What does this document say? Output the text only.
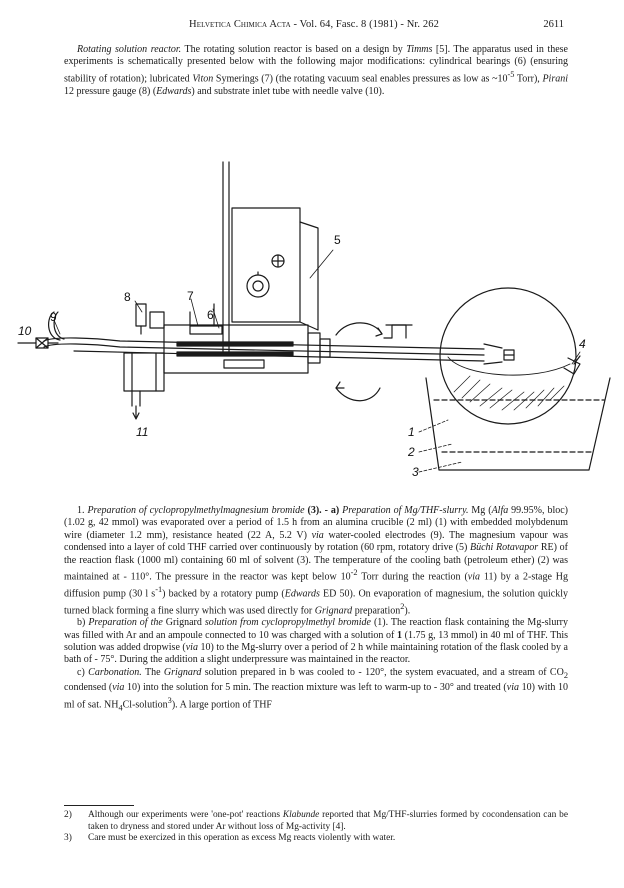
Helvetica Chimica Acta - Vol. 64, Fasc. 8 (1981) - Nr. 262	2611
Rotating solution reactor. The rotating solution reactor is based on a design by Timms [5]. The apparatus used in these experiments is schematically presented below with the following major modifications: cylindrical bearings (6) (ensuring stability of rotation); lubricated Viton Symerings (7) (the rotating vacuum seal enables pressures as low as $\sim 10^{-5}$ Torr), Pirani 12 pressure gauge (8) (Edwards) and substrate inlet tube with needle valve (10).
5
8	7
6
9
10
11	1
2
3
4

1. Preparation of cyclopropylmethylmagnesium bromide (3). - a) Preparation of Mg/THF-slurry. Mg (Alfa 99.95%, bloc) (1.02 g, 42 mmol) was evaporated over a period of 1.5 h from an alumina crucible (2 ml) (1) with embedded molybdenum wire (diameter 1.2 mm), resistance heated (22 A, 5.2 V) via water-cooled electrodes (9). The magnesium vapour was condensed into a layer of cold THF carried over continuously by rotation (60 rpm, rotatory drive (5) Büchi Rotavapor RE) of the reaction flask (1000 ml) containing 60 ml of solvent (3). The temperature of the cooling bath (petroleum ether) (2) was maintained at - 110°. The pressure in the reactor was kept below $10^{-2}$ Torr during the reaction (via 11) by a 2-stage Hg diffusion pump (30 l $s^{-1}$) backed by a rotatory pump (Edwards ED 50). On evaporation of magnesium, the solution quickly turned black forming a fine slurry which was used directly for Grignard preparation$^2$).

b) Preparation of the Grignard solution from cyclopropylmethyl bromide (1). The reaction flask containing the Mg-slurry was filled with Ar and an ampoule connected to 10 was charged with a solution of 1 (1.75 g, 13 mmol) in 40 ml of THF. This solution was added dropwise (via 10) to the Mg-slurry over a period of 2 h while maintaining rotation of the flask cooled by a bath of - 75°. During the addition a slight underpressure was maintained in the reactor.

c) Carbonation. The Grignard solution prepared in b was cooled to - 120°, the system evacuated, and a stream of $CO_2$ condensed (via 10) into the solution for 5 min. The reaction mixture was left to warm-up to - 30° and treated (via 10) with 10 ml of sat. $NH_4Cl-solution^3$). A large portion of THF

2) Although our experiments were 'one-pot' reactions Klabunde reported that Mg/THF-slurries formed by cocondensation can be taken to dryness and stored under Ar without loss of Mg-activity [4].
3) Care must be exercized in this operation as excess Mg reacts violently with water.
